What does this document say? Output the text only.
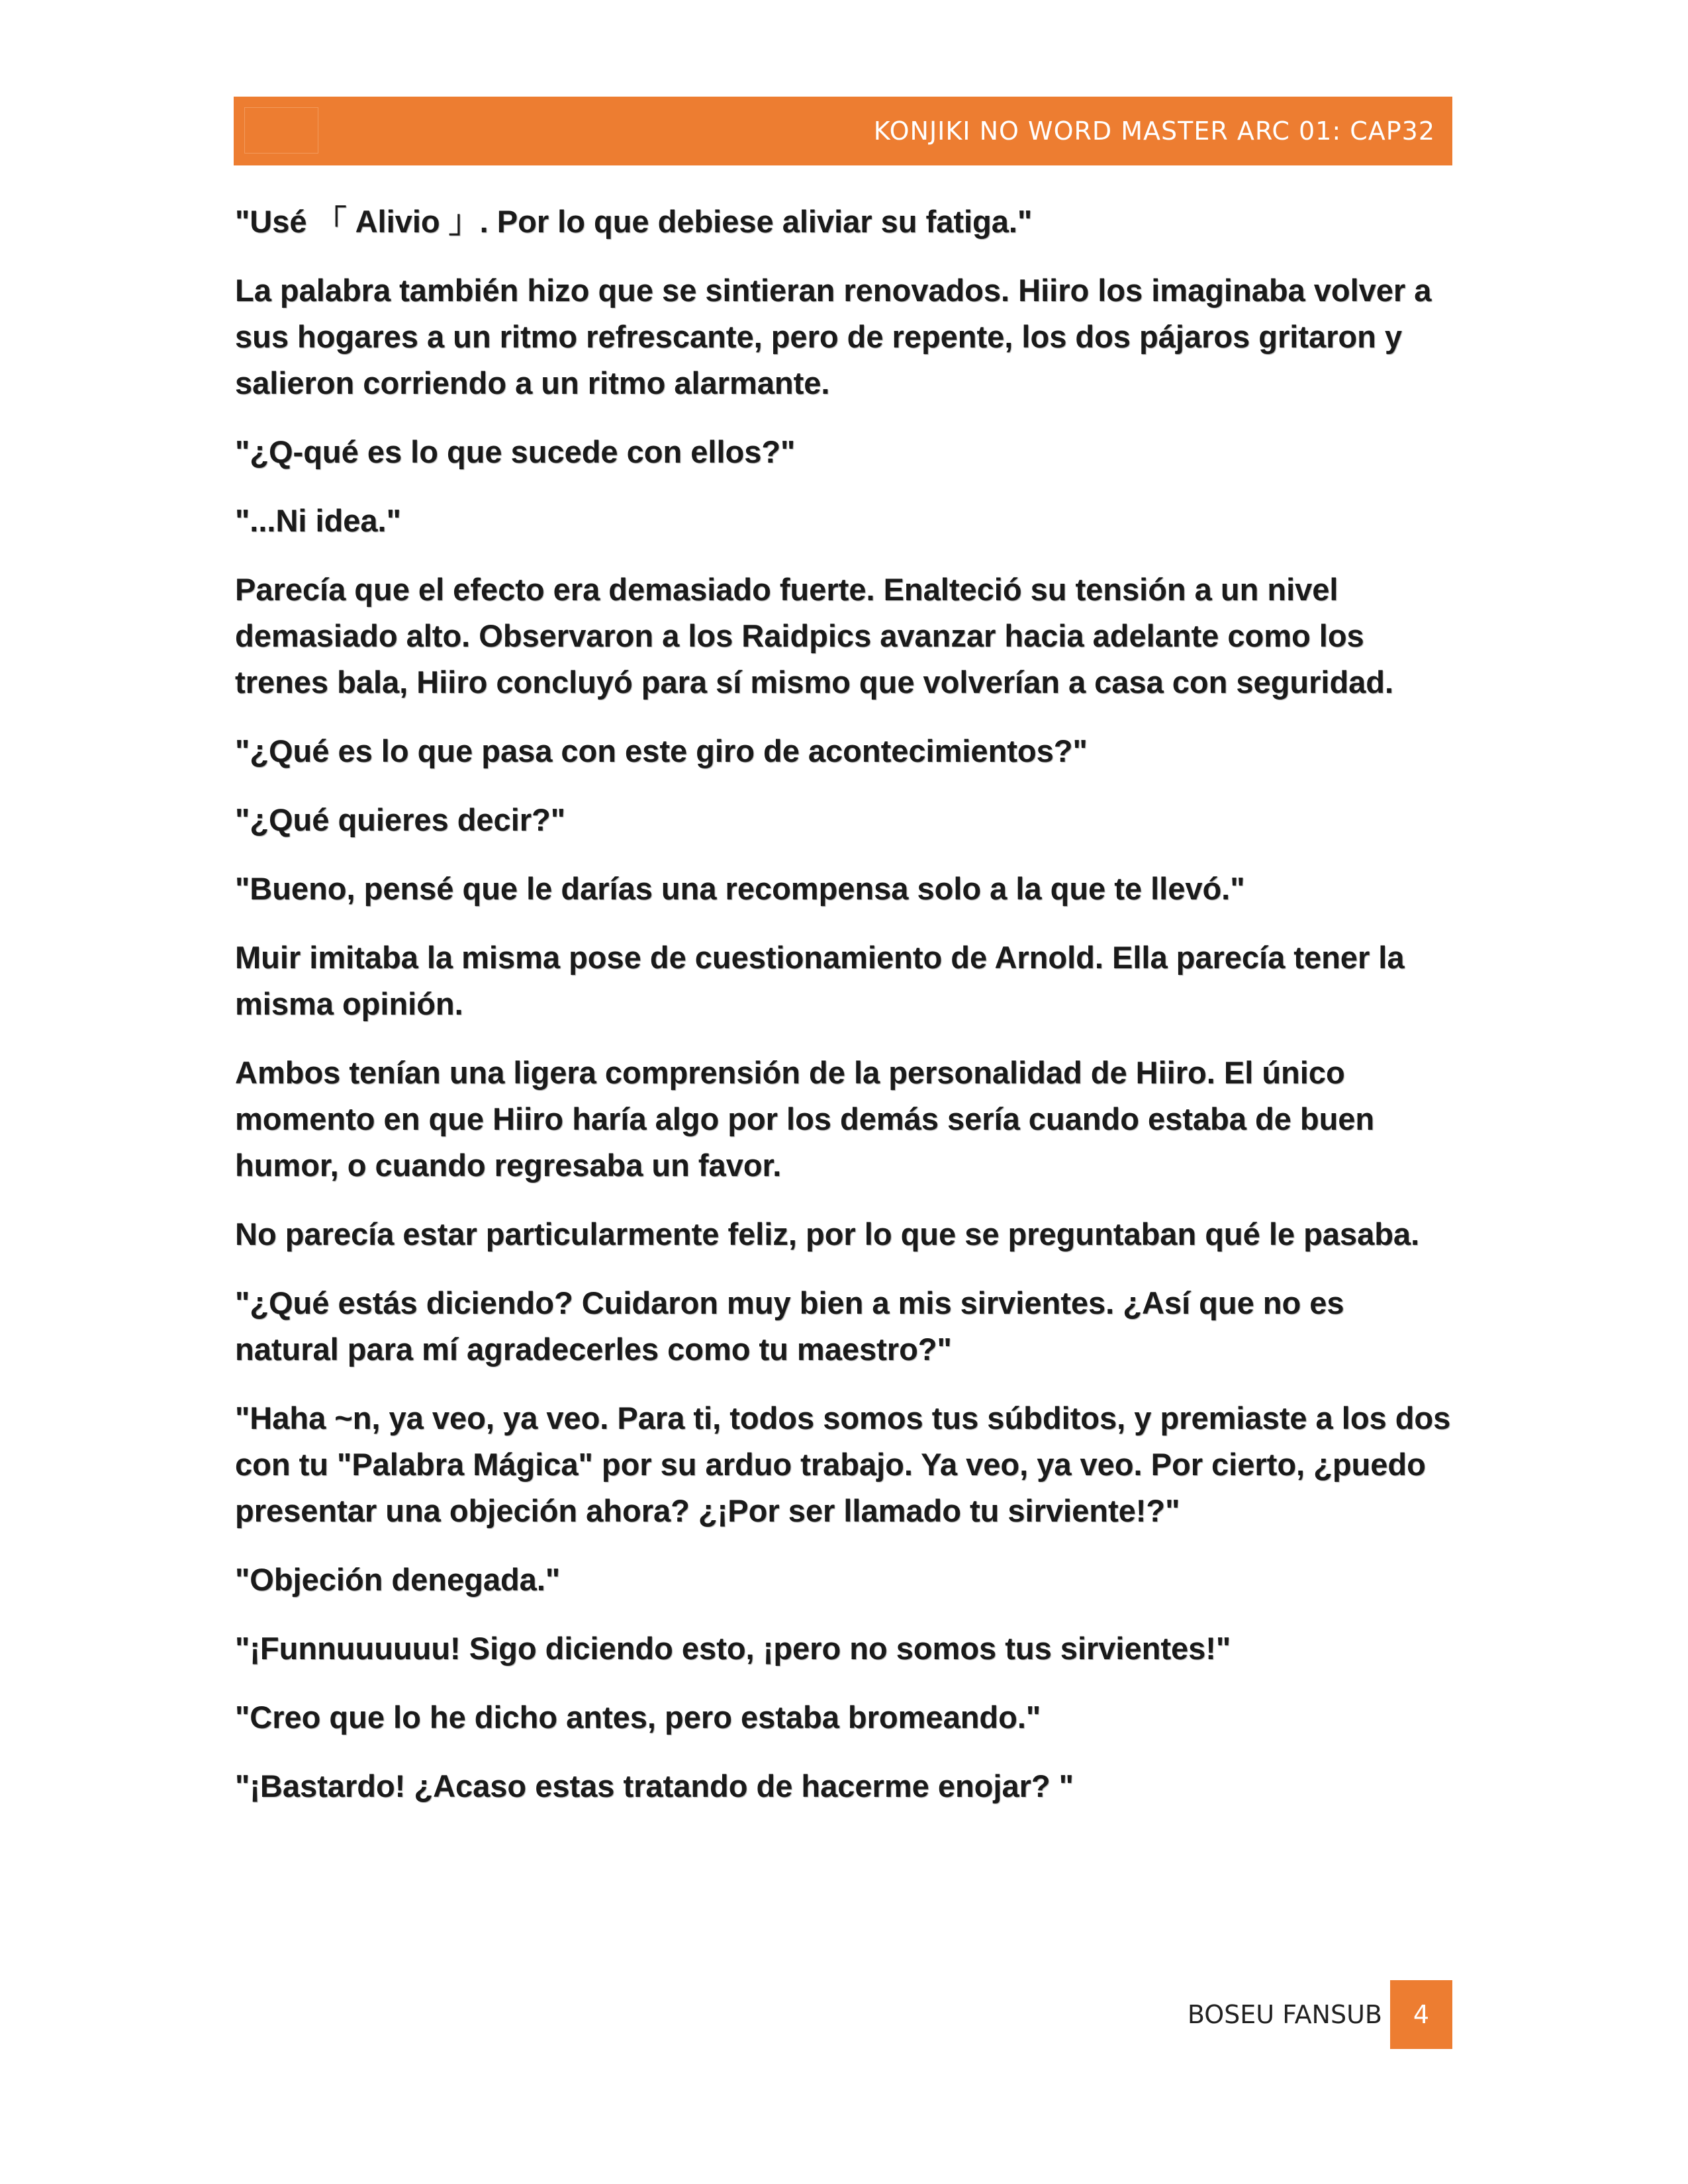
KONJIKI NO WORD MASTER ARC 01: CAP32

"Usé 「 Alivio 」. Por lo que debiese aliviar su fatiga."

La palabra también hizo que se sintieran renovados. Hiiro los imaginaba volver a sus hogares a un ritmo refrescante, pero de repente, los dos pájaros gritaron y salieron corriendo a un ritmo alarmante.

"¿Q-qué es lo que sucede con ellos?"

"...Ni idea."

Parecía que el efecto era demasiado fuerte. Enalteció su tensión a un nivel demasiado alto. Observaron a los Raidpics avanzar hacia adelante como los trenes bala, Hiiro concluyó para sí mismo que volverían a casa con seguridad.

"¿Qué es lo que pasa con este giro de acontecimientos?"

"¿Qué quieres decir?"

"Bueno, pensé que le darías una recompensa solo a la que te llevó."

Muir imitaba la misma pose de cuestionamiento de Arnold. Ella parecía tener la misma opinión.

Ambos tenían una ligera comprensión de la personalidad de Hiiro. El único momento en que Hiiro haría algo por los demás sería cuando estaba de buen humor, o cuando regresaba un favor.

No parecía estar particularmente feliz, por lo que se preguntaban qué le pasaba.

"¿Qué estás diciendo? Cuidaron muy bien a mis sirvientes. ¿Así que no es natural para mí agradecerles como tu maestro?"

"Haha ~n, ya veo, ya veo. Para ti, todos somos tus súbditos, y premiaste a los dos con tu "Palabra Mágica" por su arduo trabajo. Ya veo, ya veo. Por cierto, ¿puedo presentar una objeción ahora? ¿¡Por ser llamado tu sirviente!?"

"Objeción denegada."

"¡Funnuuuuuu! Sigo diciendo esto, ¡pero no somos tus sirvientes!"

"Creo que lo he dicho antes, pero estaba bromeando."

"¡Bastardo! ¿Acaso estas tratando de hacerme enojar? "

BOSEU FANSUB	4
